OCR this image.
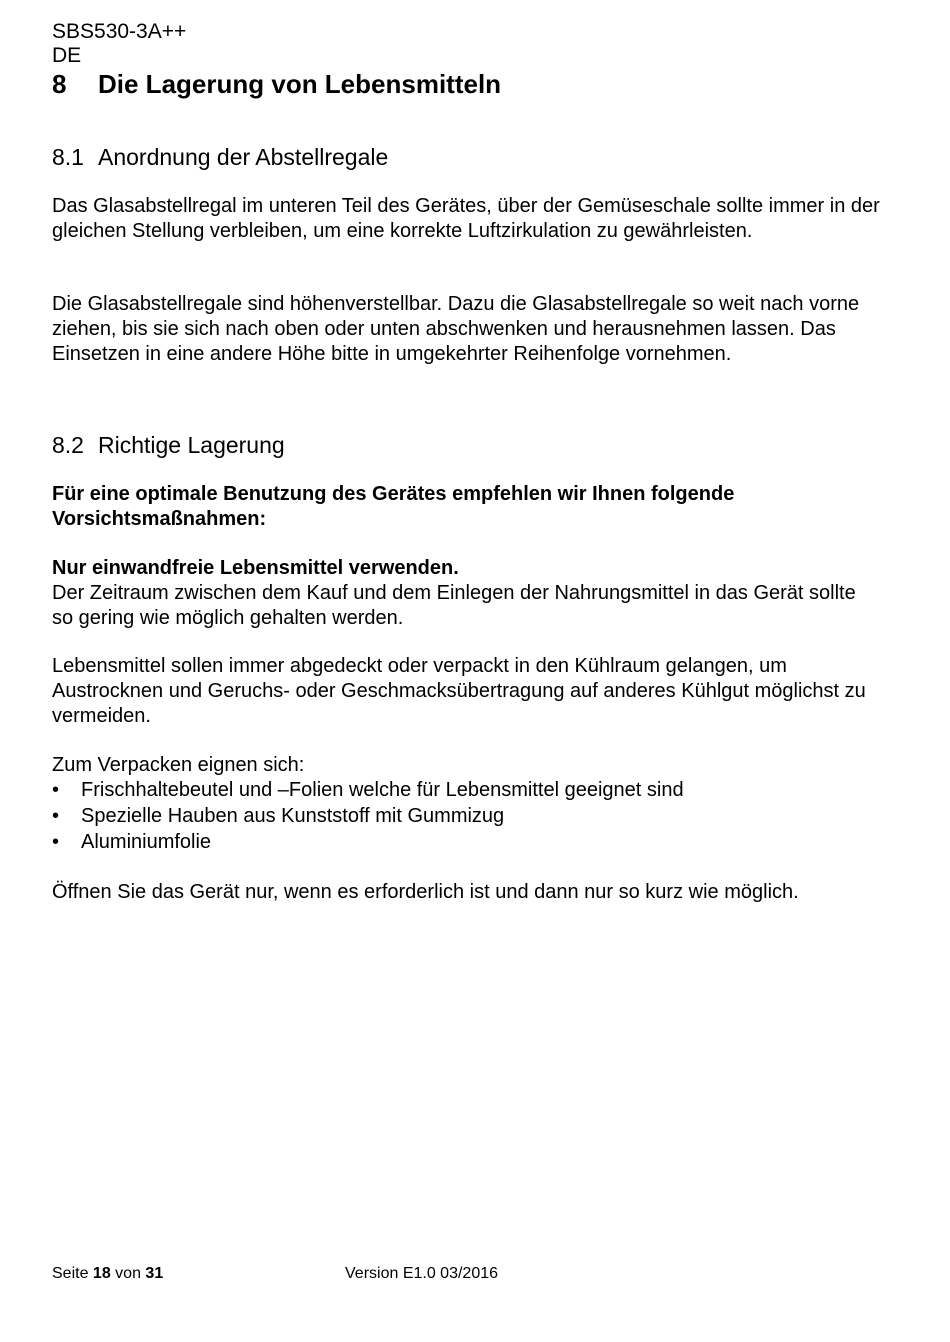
SBS530-3A++

DE

8 Die Lagerung von Lebensmitteln
8.1 Anordnung der Abstellregale

Das Glasabstellregal im unteren Teil des Gerätes, über der Gemüseschale sollte immer in der gleichen Stellung verbleiben, um eine korrekte Luftzirkulation zu gewährleisten.

Die Glasabstellregale sind höhenverstellbar. Dazu die Glasabstellregale so weit nach vorne ziehen, bis sie sich nach oben oder unten abschwenken und herausnehmen lassen. Das Einsetzen in eine andere Höhe bitte in umgekehrter Reihenfolge vornehmen.

8.2 Richtige Lagerung

Für eine optimale Benutzung des Gerätes empfehlen wir Ihnen folgende Vorsichtsmaßnahmen:

Nur einwandfreie Lebensmittel verwenden.

Der Zeitraum zwischen dem Kauf und dem Einlegen der Nahrungsmittel in das Gerät sollte so gering wie möglich gehalten werden.

Lebensmittel sollen immer abgedeckt oder verpackt in den Kühlraum gelangen, um Austrocknen und Geruchs- oder Geschmacksübertragung auf anderes Kühlgut möglichst zu vermeiden.

Zum Verpacken eignen sich:

•	Frischhaltebeutel und –Folien welche für Lebensmittel geeignet sind
•	Spezielle Hauben aus Kunststoff mit Gummizug
•	Aluminiumfolie

Öffnen Sie das Gerät nur, wenn es erforderlich ist und dann nur so kurz wie möglich.

Seite 18 von 31	Version E1.0 03/2016
